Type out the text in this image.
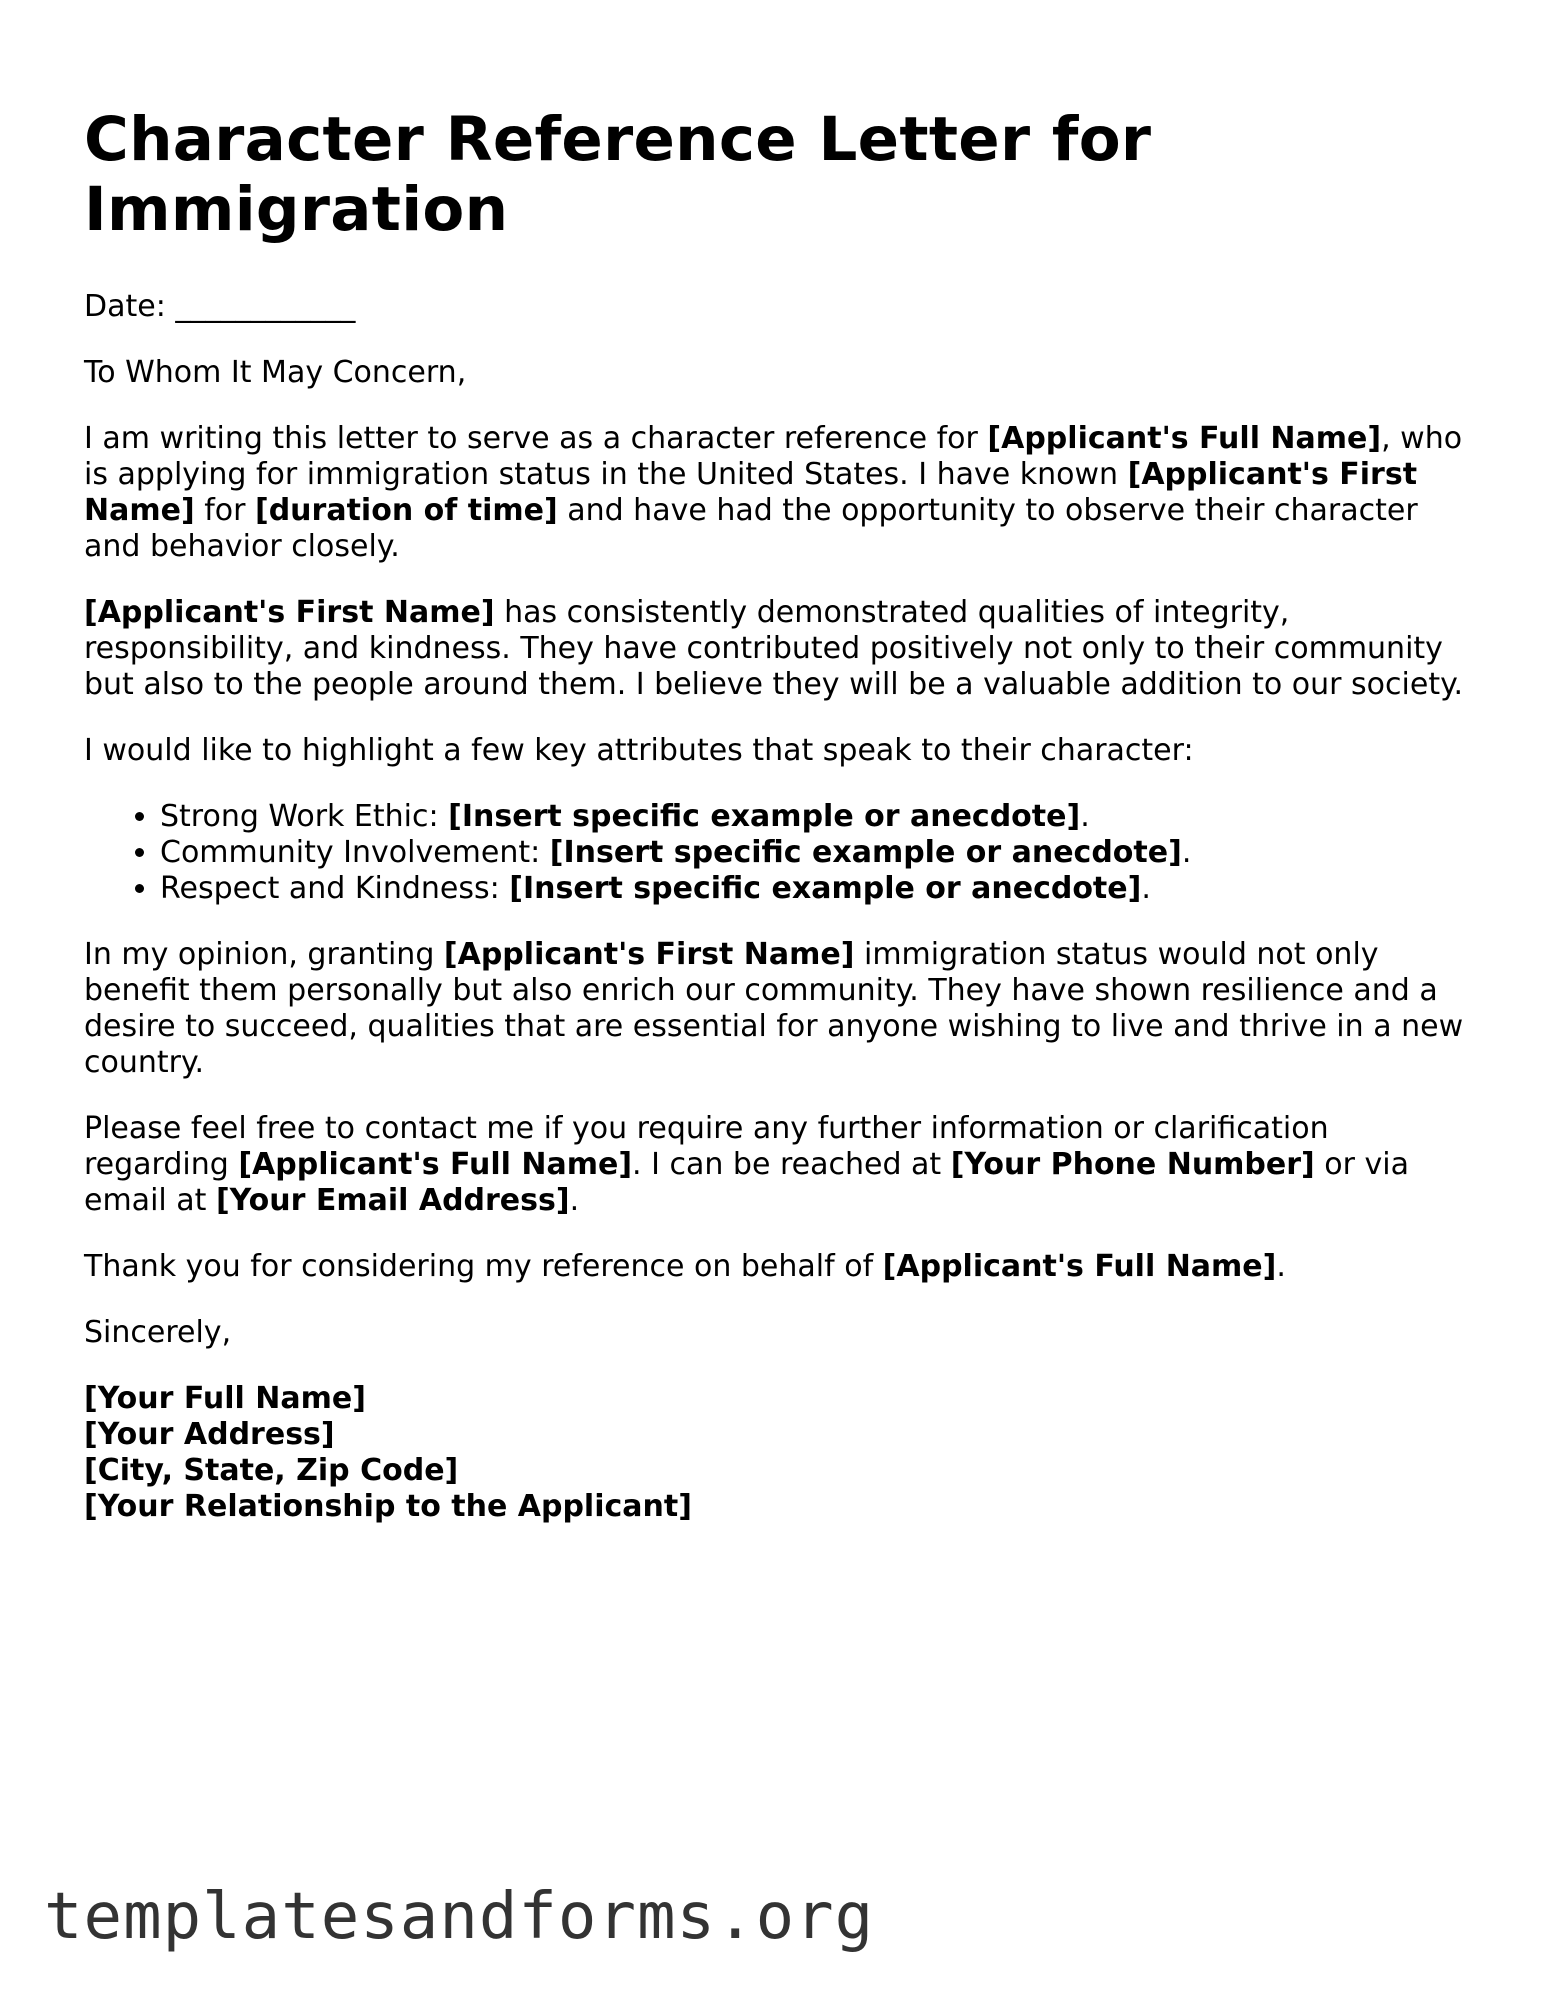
Character Reference Letter for Immigration

Date: ____________

To Whom It May Concern,

I am writing this letter to serve as a character reference for [Applicant's Full Name], who is applying for immigration status in the United States. I have known [Applicant's First Name] for [duration of time] and have had the opportunity to observe their character and behavior closely.

[Applicant's First Name] has consistently demonstrated qualities of integrity, responsibility, and kindness. They have contributed positively not only to their community but also to the people around them. I believe they will be a valuable addition to our society.

I would like to highlight a few key attributes that speak to their character:

• Strong Work Ethic: [Insert specific example or anecdote].
• Community Involvement: [Insert specific example or anecdote].
• Respect and Kindness: [Insert specific example or anecdote].

In my opinion, granting [Applicant's First Name] immigration status would not only benefit them personally but also enrich our community. They have shown resilience and a desire to succeed, qualities that are essential for anyone wishing to live and thrive in a new country.

Please feel free to contact me if you require any further information or clarification regarding [Applicant's Full Name]. I can be reached at [Your Phone Number] or via email at [Your Email Address].

Thank you for considering my reference on behalf of [Applicant's Full Name].

Sincerely,

[Your Full Name]
[Your Address]
[City, State, Zip Code]
[Your Relationship to the Applicant]
templatesandforms.org
